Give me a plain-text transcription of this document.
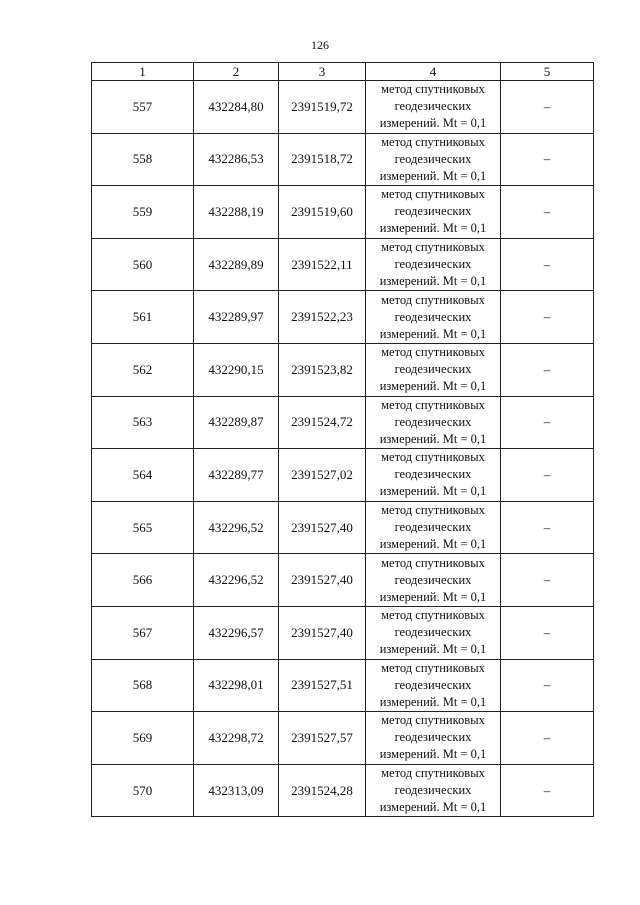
126
1	2	3	4	5
557	432284,80	2391519,72	метод спутниковых
геодезических
измерений. Mt = 0,1	–
558	432286,53	2391518,72	метод спутниковых
геодезических
измерений. Mt = 0,1	–
559	432288,19	2391519,60	метод спутниковых
геодезических
измерений. Mt = 0,1	–
560	432289,89	2391522,11	метод спутниковых
геодезических
измерений. Mt = 0,1	–
561	432289,97	2391522,23	метод спутниковых
геодезических
измерений. Mt = 0,1	–
562	432290,15	2391523,82	метод спутниковых
геодезических
измерений. Mt = 0,1	–
563	432289,87	2391524,72	метод спутниковых
геодезических
измерений. Mt = 0,1	–
564	432289,77	2391527,02	метод спутниковых
геодезических
измерений. Mt = 0,1	–
565	432296,52	2391527,40	метод спутниковых
геодезических
измерений. Mt = 0,1	–
566	432296,52	2391527,40	метод спутниковых
геодезических
измерений. Mt = 0,1	–
567	432296,57	2391527,40	метод спутниковых
геодезических
измерений. Mt = 0,1	–
568	432298,01	2391527,51	метод спутниковых
геодезических
измерений. Mt = 0,1	–
569	432298,72	2391527,57	метод спутниковых
геодезических
измерений. Mt = 0,1	–
570	432313,09	2391524,28	метод спутниковых
геодезических
измерений. Mt = 0,1	–
